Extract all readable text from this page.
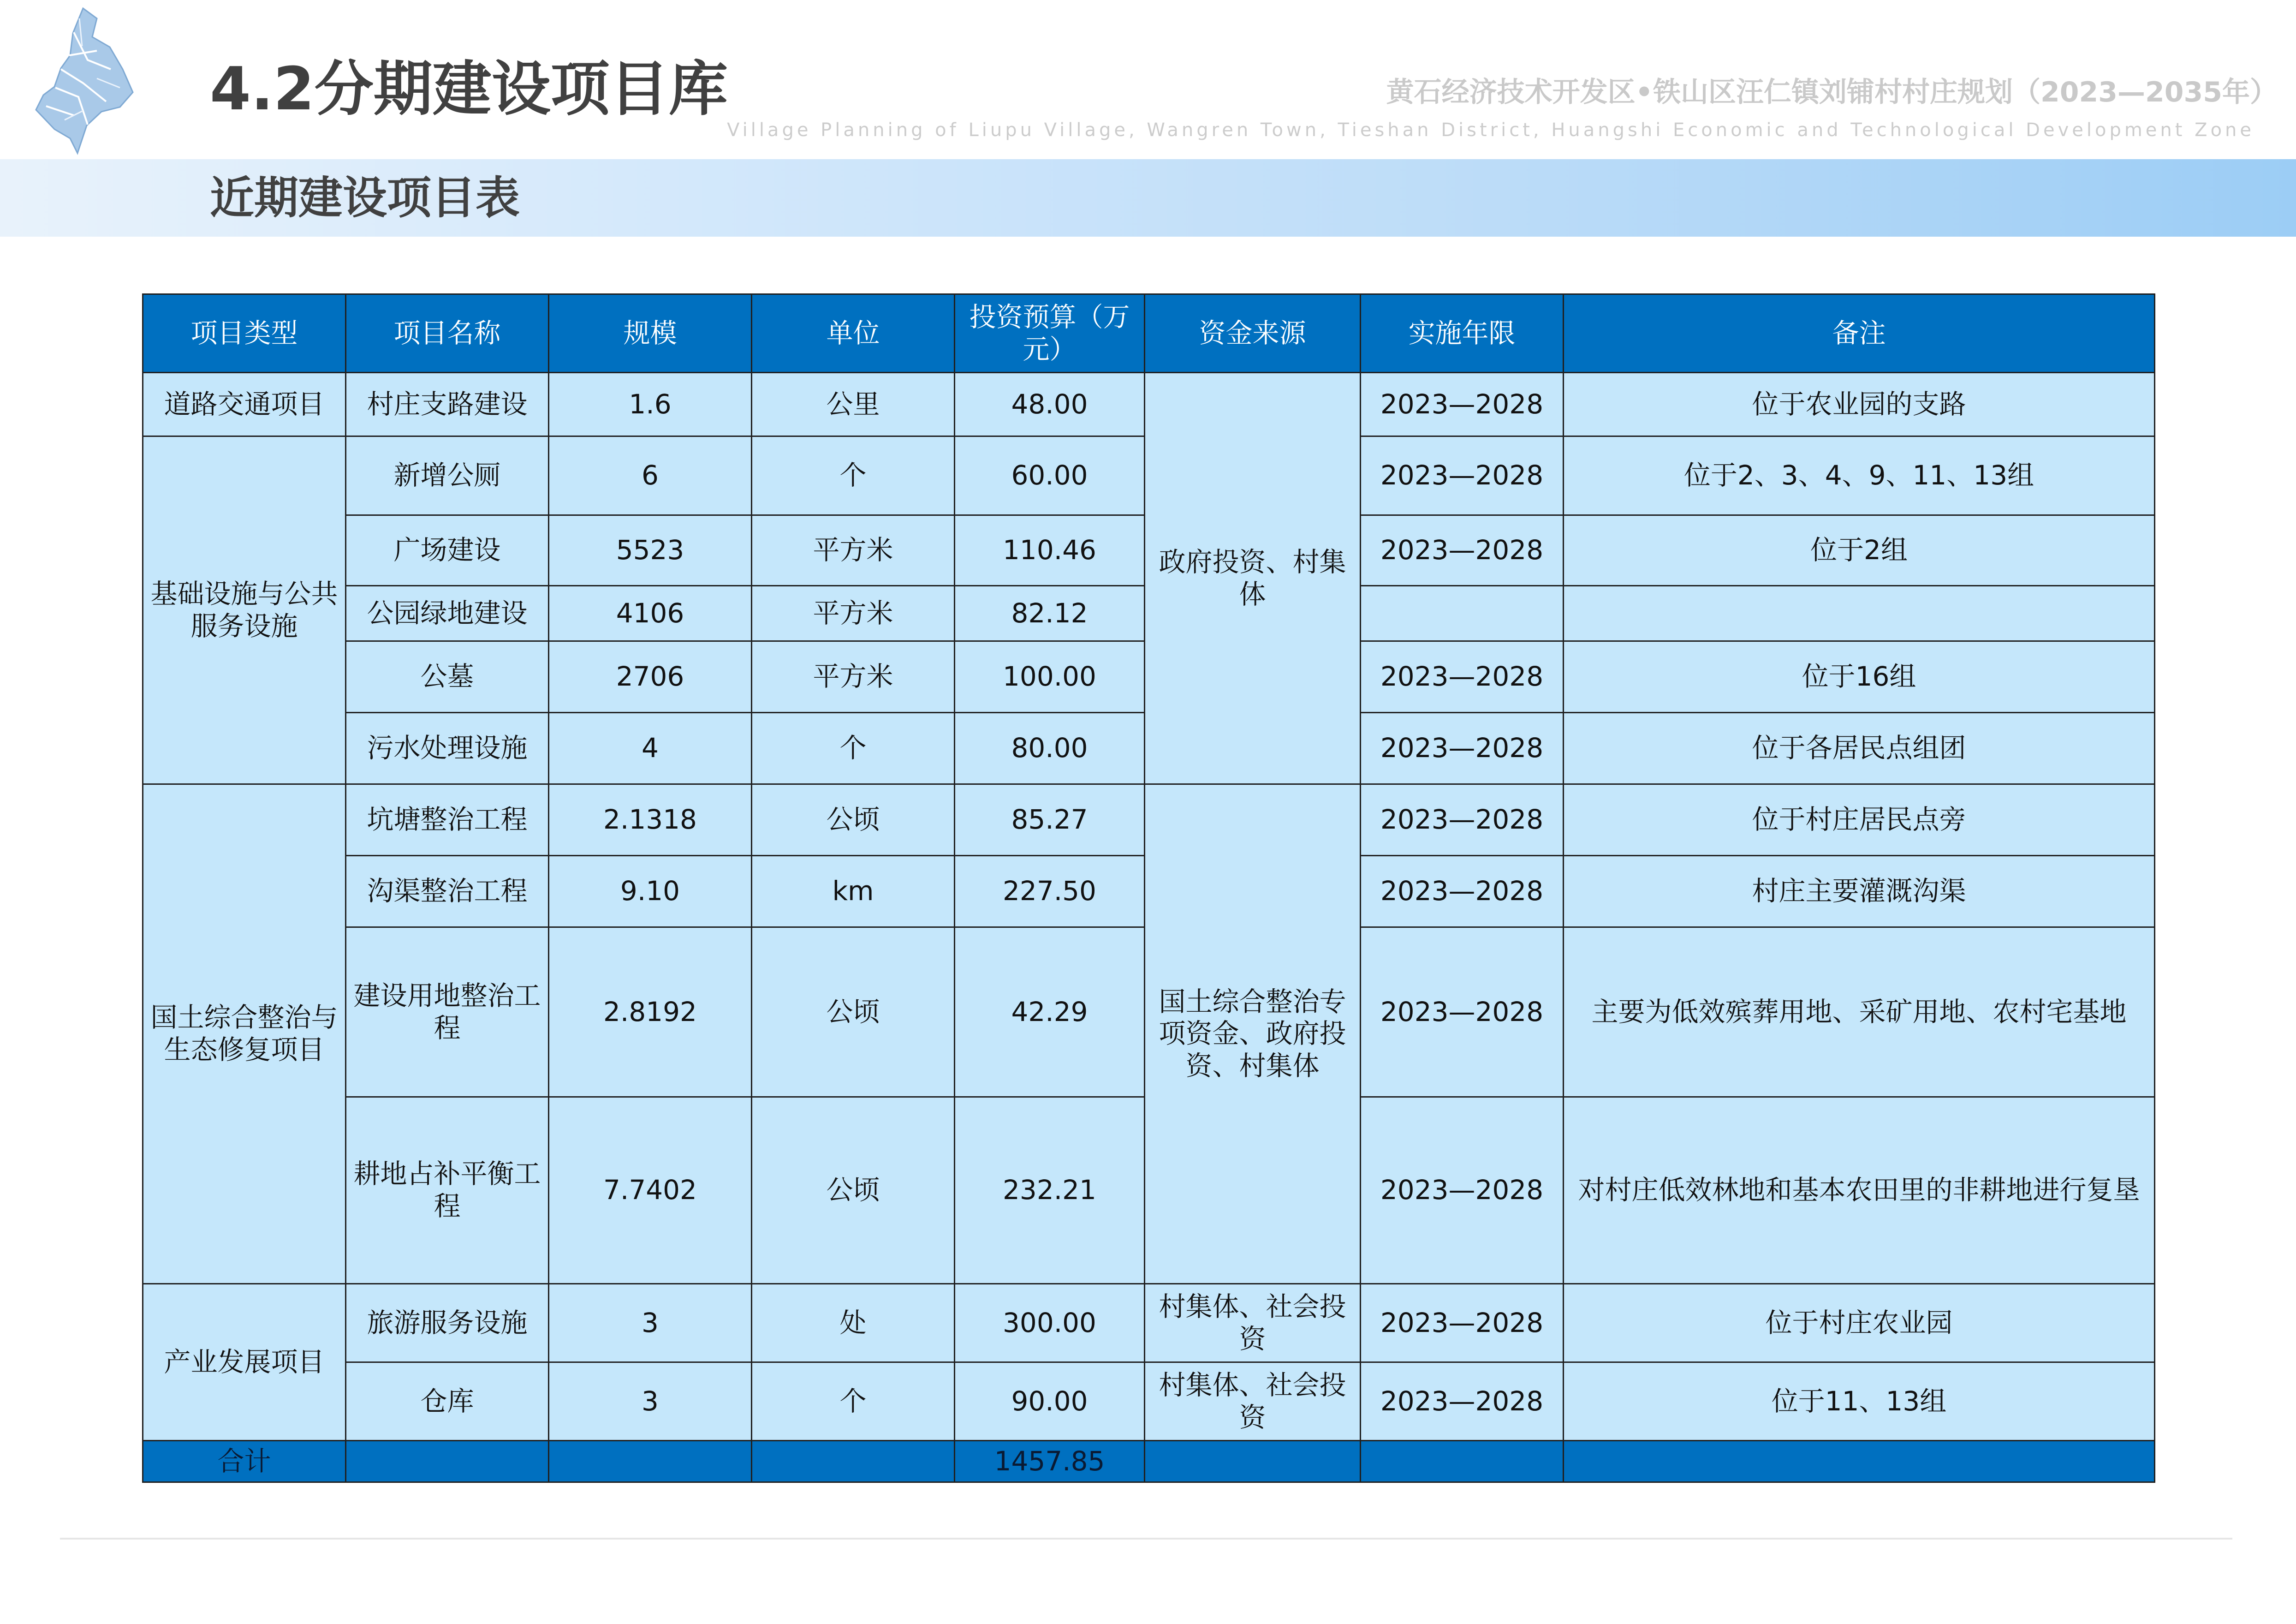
4.2分期建设项目库	黄石经济技术开发区•铁山区汪仁镇刘铺村村庄规划（2023—2035年）
Village Planning of Liupu Village, Wangren Town, Tieshan District, Huangshi Economic and Technological Development Zone
近期建设项目表
项目类型	项目名称	规模	单位	投资预算（万元）	资金来源	实施年限	备注
道路交通项目	村庄支路建设	1.6	公里	48.00	政府投资、村集体	2023—2028	位于农业园的支路
基础设施与公共服务设施	新增公厕	6	个	60.00		2023—2028	位于2、3、4、9、11、13组
	广场建设	5523	平方米	110.46		2023—2028	位于2组
	公园绿地建设	4106	平方米	82.12			
	公墓	2706	平方米	100.00		2023—2028	位于16组
	污水处理设施	4	个	80.00		2023—2028	位于各居民点组团
国土综合整治与生态修复项目	坑塘整治工程	2.1318	公顷	85.27	国土综合整治专项资金、政府投资、村集体	2023—2028	位于村庄居民点旁
	沟渠整治工程	9.10	km	227.50		2023—2028	村庄主要灌溉沟渠
	建设用地整治工程	2.8192	公顷	42.29		2023—2028	主要为低效殡葬用地、采矿用地、农村宅基地
	耕地占补平衡工程	7.7402	公顷	232.21		2023—2028	对村庄低效林地和基本农田里的非耕地进行复垦
产业发展项目	旅游服务设施	3	处	300.00	村集体、社会投资	2023—2028	位于村庄农业园
	仓库	3	个	90.00	村集体、社会投资	2023—2028	位于11、13组
合计				1457.85			
